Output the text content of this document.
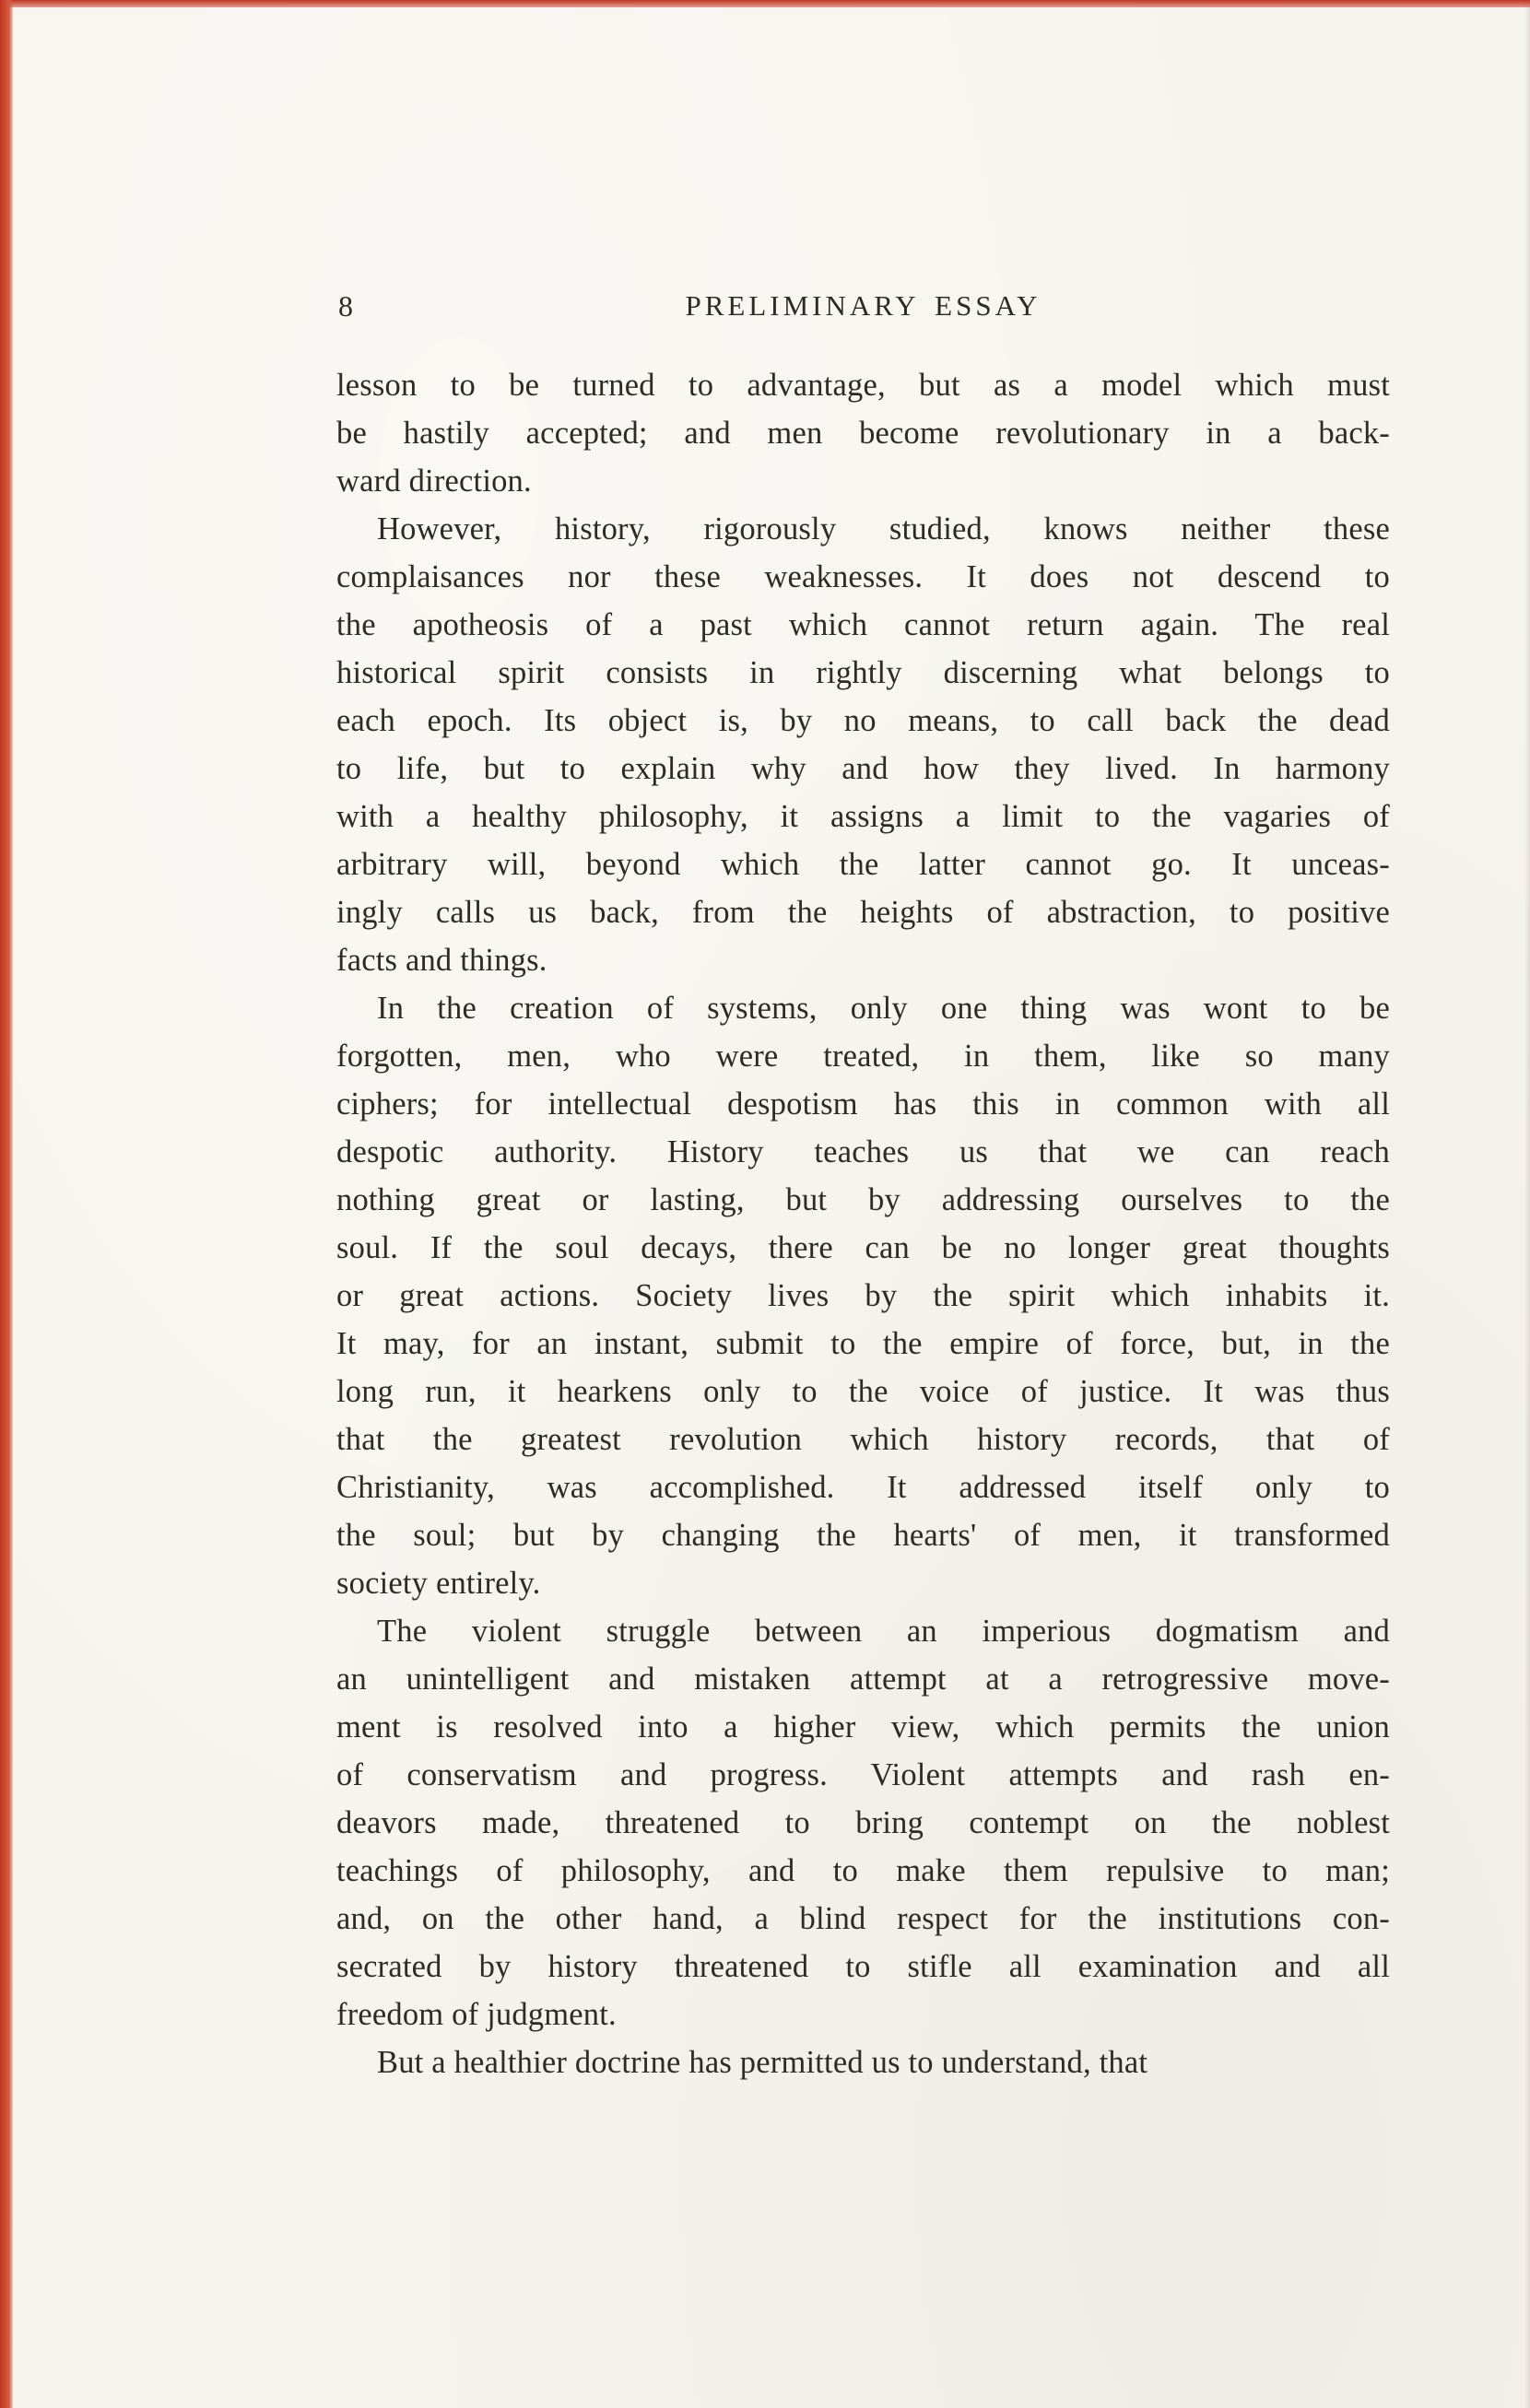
8	PRELIMINARY ESSAY
lesson to be turned to advantage, but as a model which must
be hastily accepted; and men become revolutionary in a back-
ward direction.
However, history, rigorously studied, knows neither these
complaisances nor these weaknesses. It does not descend to
the apotheosis of a past which cannot return again. The real
historical spirit consists in rightly discerning what belongs to
each epoch. Its object is, by no means, to call back the dead
to life, but to explain why and how they lived. In harmony
with a healthy philosophy, it assigns a limit to the vagaries of
arbitrary will, beyond which the latter cannot go. It unceas-
ingly calls us back, from the heights of abstraction, to positive
facts and things.
In the creation of systems, only one thing was wont to be
forgotten, men, who were treated, in them, like so many
ciphers; for intellectual despotism has this in common with all
despotic authority. History teaches us that we can reach
nothing great or lasting, but by addressing ourselves to the
soul. If the soul decays, there can be no longer great thoughts
or great actions. Society lives by the spirit which inhabits it.
It may, for an instant, submit to the empire of force, but, in the
long run, it hearkens only to the voice of justice. It was thus
that the greatest revolution which history records, that of
Christianity, was accomplished. It addressed itself only to
the soul; but by changing the hearts' of men, it transformed
society entirely.
The violent struggle between an imperious dogmatism and
an unintelligent and mistaken attempt at a retrogressive move-
ment is resolved into a higher view, which permits the union
of conservatism and progress. Violent attempts and rash en-
deavors made, threatened to bring contempt on the noblest
teachings of philosophy, and to make them repulsive to man;
and, on the other hand, a blind respect for the institutions con-
secrated by history threatened to stifle all examination and all
freedom of judgment.
But a healthier doctrine has permitted us to understand, that
